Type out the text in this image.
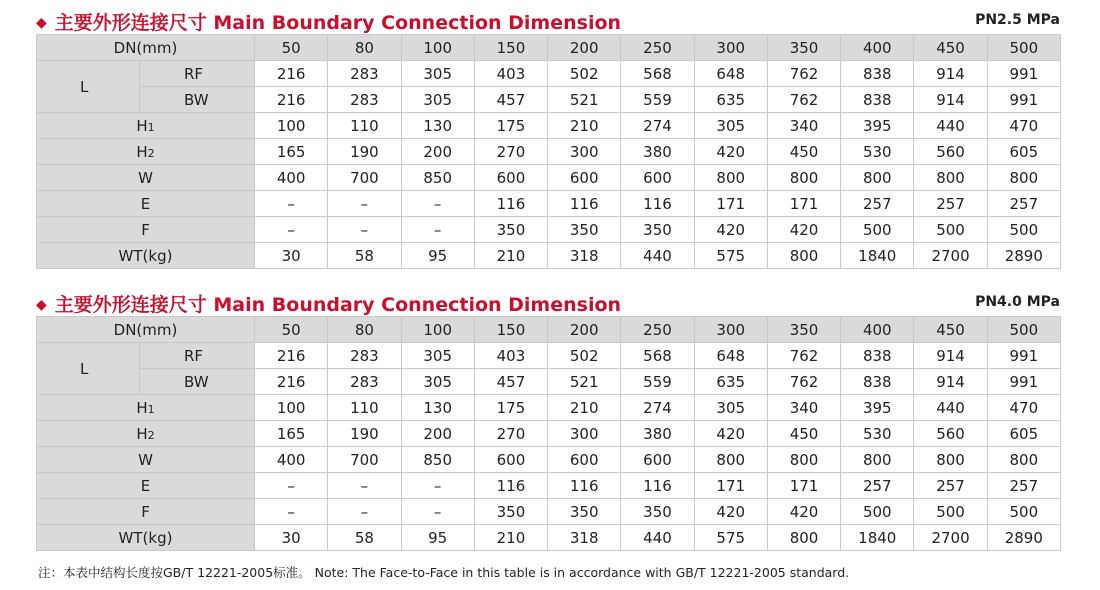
◆ 主要外形连接尺寸 Main Boundary Connection Dimension	PN2.5 MPa
DN(mm)		50	80	100	150	200	250	300	350	400	450	500
L	RF	216	283	305	403	502	568	648	762	838	914	991
	BW	216	283	305	457	521	559	635	762	838	914	991
H1		100	110	130	175	210	274	305	340	395	440	470
H2		165	190	200	270	300	380	420	450	530	560	605
W		400	700	850	600	600	600	800	800	800	800	800
E		–	–	–	116	116	116	171	171	257	257	257
F		–	–	–	350	350	350	420	420	500	500	500
WT(kg)		30	58	95	210	318	440	575	800	1840	2700	2890
◆ 主要外形连接尺寸 Main Boundary Connection Dimension	PN4.0 MPa
DN(mm)		50	80	100	150	200	250	300	350	400	450	500
L	RF	216	283	305	403	502	568	648	762	838	914	991
	BW	216	283	305	457	521	559	635	762	838	914	991
H1		100	110	130	175	210	274	305	340	395	440	470
H2		165	190	200	270	300	380	420	450	530	560	605
W		400	700	850	600	600	600	800	800	800	800	800
E		–	–	–	116	116	116	171	171	257	257	257
F		–	–	–	350	350	350	420	420	500	500	500
WT(kg)		30	58	95	210	318	440	575	800	1840	2700	2890
注：本表中结构长度按GB/T 12221-2005标准。 Note: The Face-to-Face in this table is in accordance with GB/T 12221-2005 standard.
